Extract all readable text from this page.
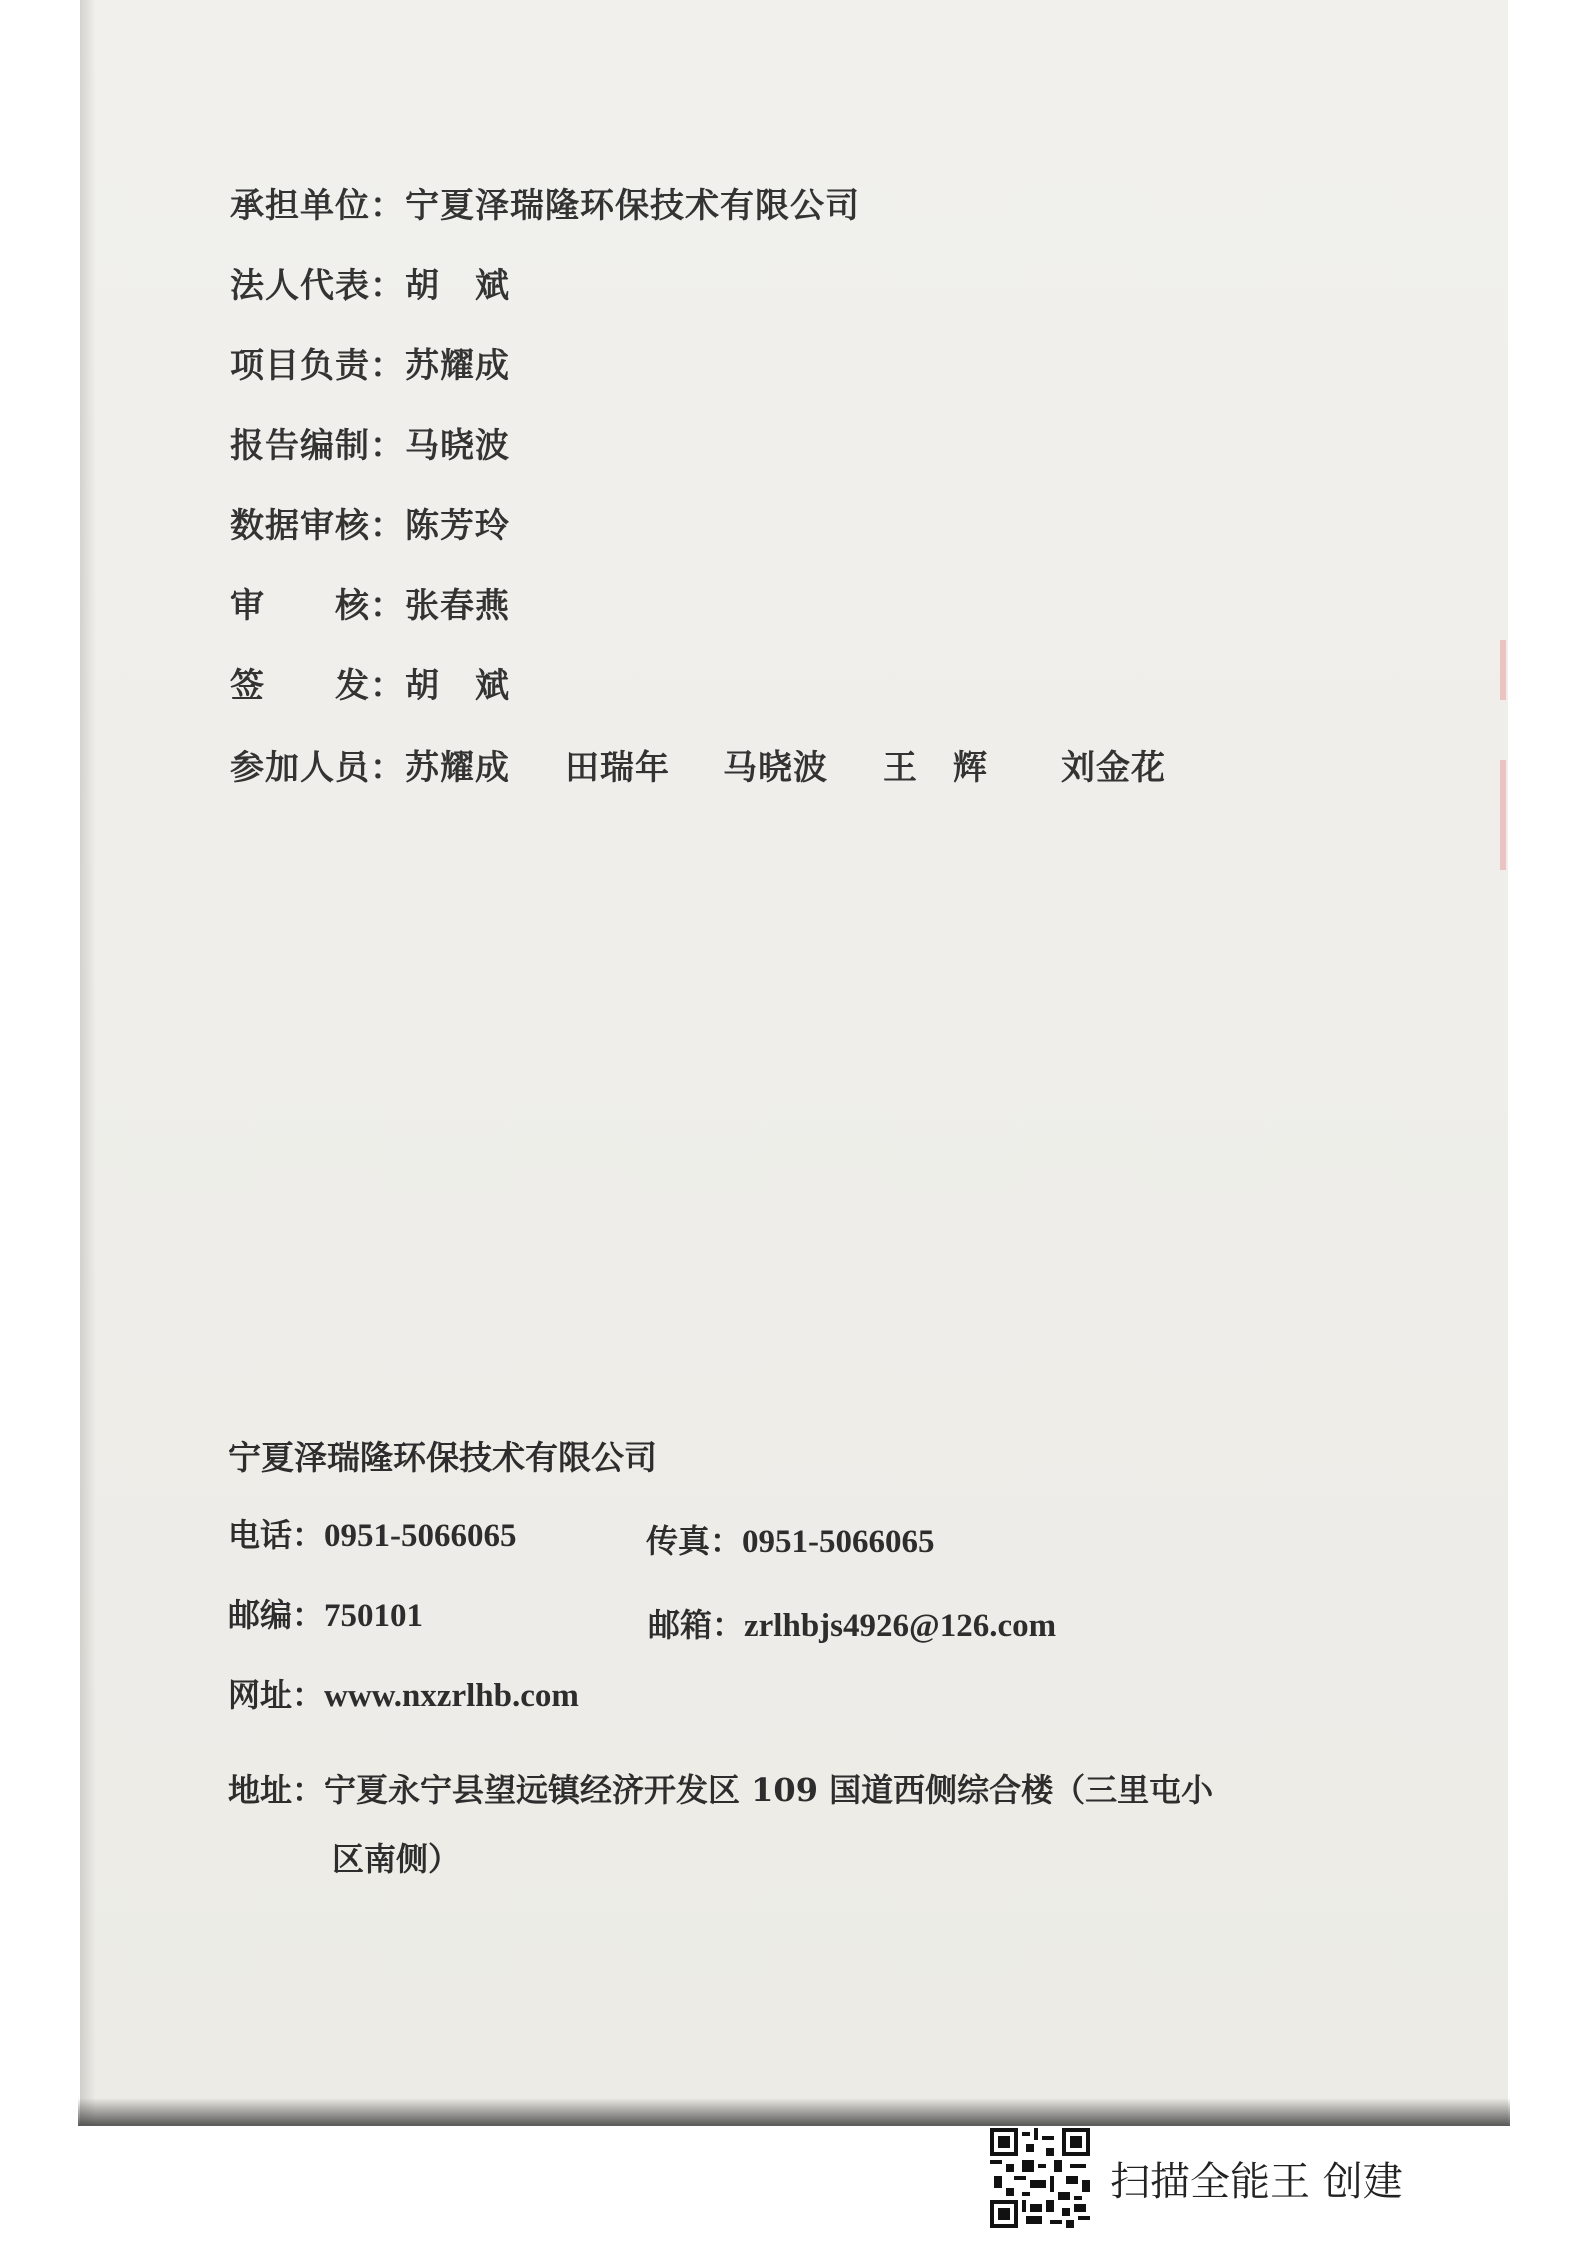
承担单位：宁夏泽瑞隆环保技术有限公司
法人代表：胡　斌
项目负责：苏耀成
报告编制：马晓波
数据审核：陈芳玲
审　　核：张春燕
签　　发：胡　斌
参加人员：苏耀成 田瑞年 马晓波 王　辉 刘金花
宁夏泽瑞隆环保技术有限公司
电话：0951-5066065	传真：0951-5066065
邮编：750101	邮箱：zrlhbjs4926@126.com
网址：www.nxzrlhb.com
地址：宁夏永宁县望远镇经济开发区 109 国道西侧综合楼（三里屯小
区南侧）
扫描全能王 创建
